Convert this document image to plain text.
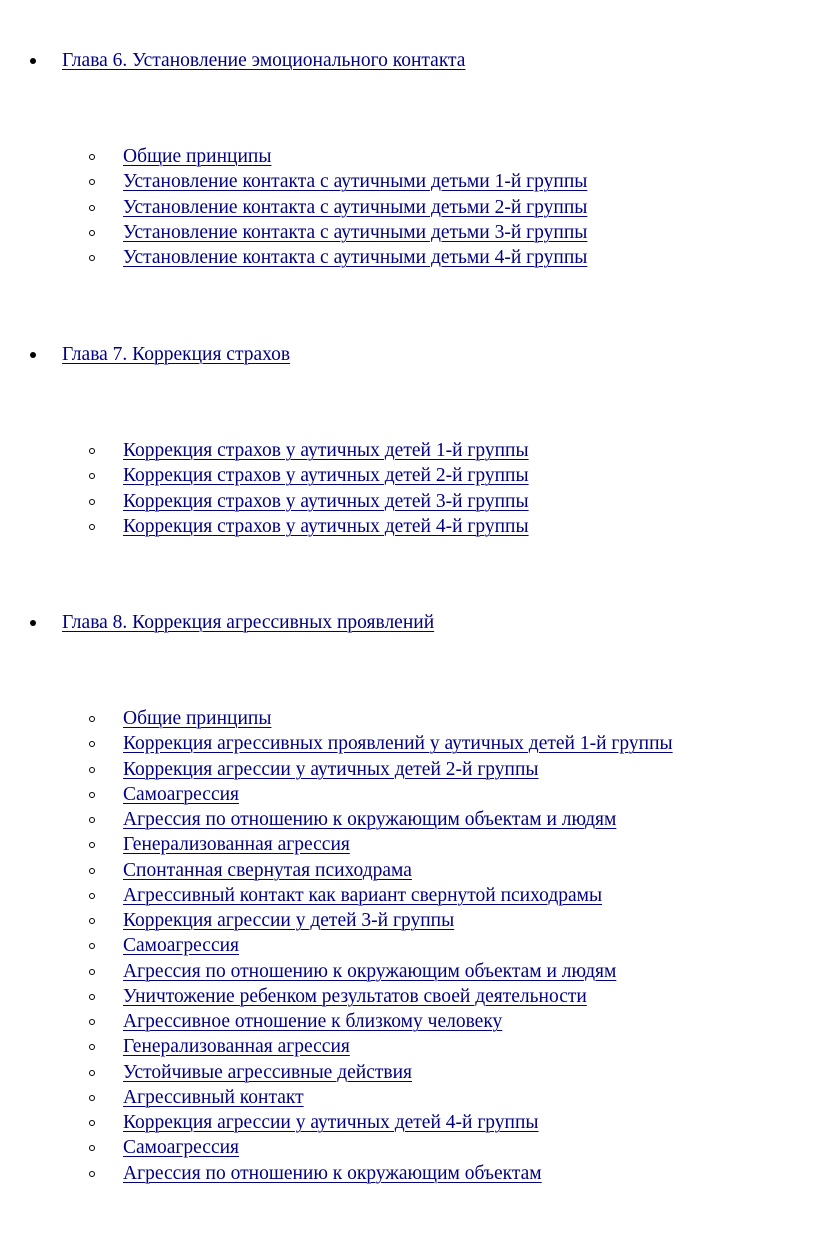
Глава 6. Установление эмоционального контакта
Общие принципы
Установление контакта с аутичными детьми 1-й группы
Установление контакта с аутичными детьми 2-й группы
Установление контакта с аутичными детьми 3-й группы
Установление контакта с аутичными детьми 4-й группы
Глава 7. Коррекция страхов
Коррекция страхов у аутичных детей 1-й группы
Коррекция страхов у аутичных детей 2-й группы
Коррекция страхов у аутичных детей 3-й группы
Коррекция страхов у аутичных детей 4-й группы
Глава 8. Коррекция агрессивных проявлений
Общие принципы
Коррекция агрессивных проявлений у аутичных детей 1-й группы
Коррекция агрессии у аутичных детей 2-й группы
Самоагрессия
Агрессия по отношению к окружающим объектам и людям
Генерализованная агрессия
Спонтанная свернутая психодрама
Агрессивный контакт как вариант свернутой психодрамы
Коррекция агрессии у детей 3-й группы
Самоагрессия
Агрессия по отношению к окружающим объектам и людям
Уничтожение ребенком результатов своей деятельности
Агрессивное отношение к близкому человеку
Генерализованная агрессия
Устойчивые агрессивные действия
Агрессивный контакт
Коррекция агрессии у аутичных детей 4-й группы
Самоагрессия
Агрессия по отношению к окружающим объектам
